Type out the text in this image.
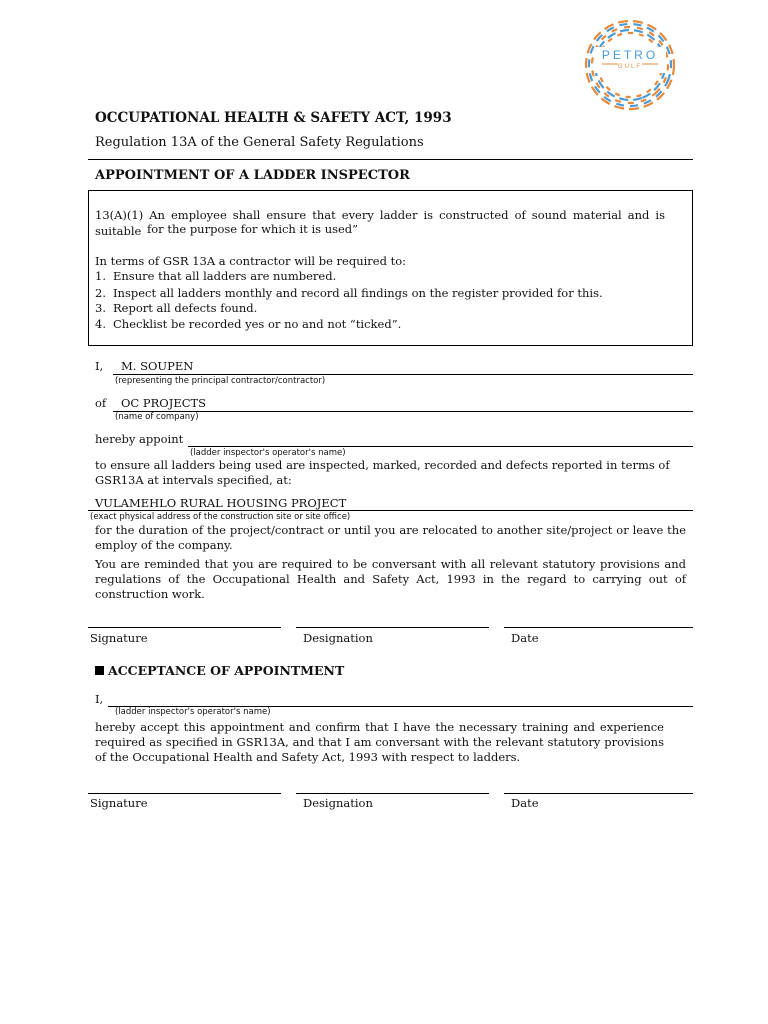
PETRO
GULF
OCCUPATIONAL HEALTH & SAFETY ACT, 1993
Regulation 13A of the General Safety Regulations
APPOINTMENT OF A LADDER INSPECTOR
13(A)(1) An employee shall ensure that every ladder is constructed of sound material and is suitable for the purpose for which it is used”
In terms of GSR 13A a contractor will be required to:
1. Ensure that all ladders are numbered.
2. Inspect all ladders monthly and record all findings on the register provided for this.
3. Report all defects found.
4. Checklist be recorded yes or no and not “ticked”.
I, M. SOUPEN
(representing the principal contractor/contractor)
of OC PROJECTS
(name of company)
hereby appoint
(ladder inspector's operator's name)
to ensure all ladders being used are inspected, marked, recorded and defects reported in terms of GSR13A at intervals specified, at:
VULAMEHLO RURAL HOUSING PROJECT
(exact physical address of the construction site or site office)
for the duration of the project/contract or until you are relocated to another site/project or leave the employ of the company.
You are reminded that you are required to be conversant with all relevant statutory provisions and regulations of the Occupational Health and Safety Act, 1993 in the regard to carrying out of construction work.
Signature	Designation	Date
ACCEPTANCE OF APPOINTMENT
I,
(ladder inspector's operator's name)
hereby accept this appointment and confirm that I have the necessary training and experience required as specified in GSR13A, and that I am conversant with the relevant statutory provisions of the Occupational Health and Safety Act, 1993 with respect to ladders.
Signature	Designation	Date
